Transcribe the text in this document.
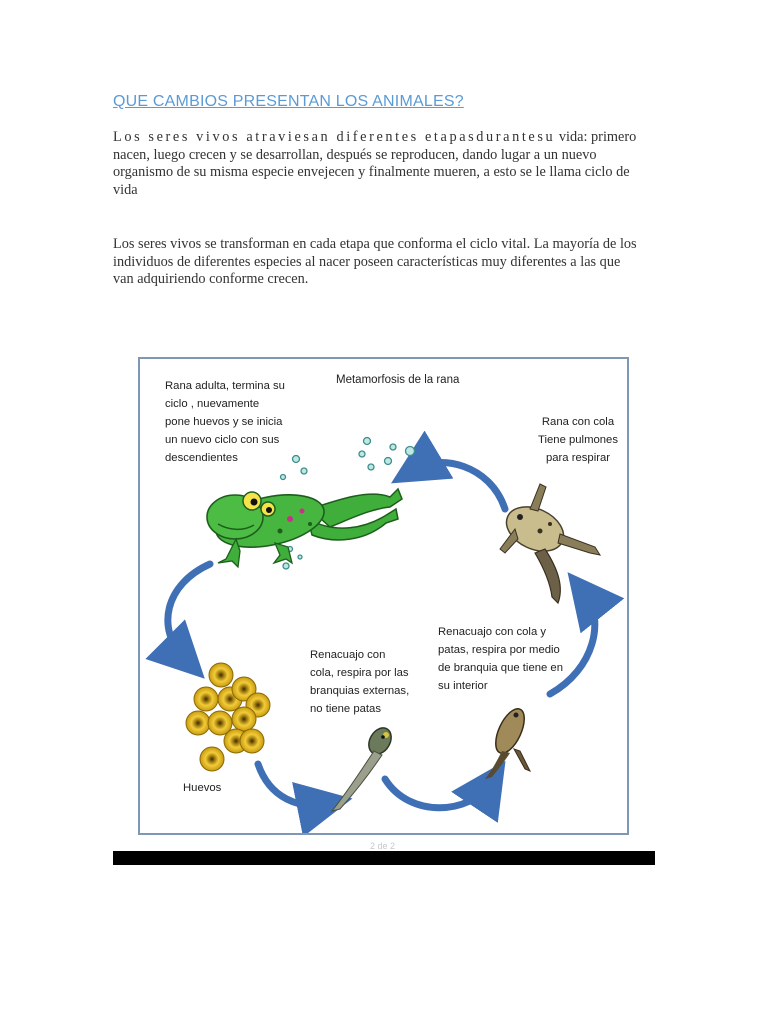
QUE CAMBIOS PRESENTAN LOS ANIMALES?
Los seres vivos atraviesan diferentes etapasdurantesu vida: primero nacen, luego crecen y se desarrollan, después se reproducen, dando lugar a un nuevo organismo de su misma especie envejecen y finalmente mueren, a esto se le llama ciclo de vida
Los seres vivos se transforman en cada etapa que conforma el ciclo vital. La mayoría de los individuos de diferentes especies al nacer poseen características muy diferentes a las que van adquiriendo conforme crecen.
Metamorfosis de la rana
Rana adulta, termina su ciclo , nuevamente pone huevos y se inicia un nuevo ciclo con sus descendientes
Rana con cola Tiene pulmones para respirar
Renacuajo con cola y patas, respira por medio de branquia que tiene en su interior
Renacuajo con cola, respira por las branquias externas, no tiene patas
Huevos
2 de 2
